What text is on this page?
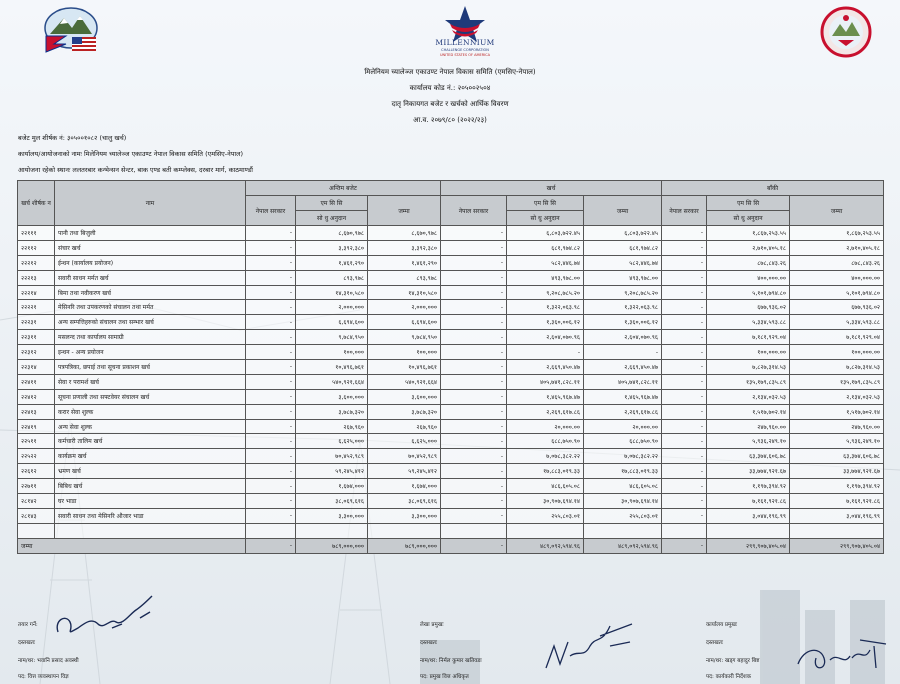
MILLENNIUM
CHALLENGE CORPORATION
UNITED STATES OF AMERICA
मिलेनियम च्यालेञ्ज एकाउण्ट नेपाल विकास समिति (एमसिए-नेपाल)
कार्यालय कोड नं.: २०५००२५०४
दातृ निकायगत बजेट र खर्चको आर्थिक विवरण
आ.व. २०७९/८० (२०२२/२३)
बजेट मुल शीर्षक नं: ३०५००१०८२ (चालु खर्च)
कार्यालय/आयोजनाको नामः मिलेनियम च्यालेञ्ज एकाउण्ट नेपाल विकास समिति (एमसिए-नेपाल)
आयोजना रहेको स्थानः ललतरबार कन्भेन्सन सेन्टर, बाक एण्ड बती कम्प्लेक्स, दरबार मार्ग, काठमाण्डौं
खर्च शीर्षक न	नाम	अन्तिम बजेट			खर्च			बाँकी		
		नेपाल सरकार	एम सि सि	जम्मा	नेपाल सरकार	एम सि सि	जम्मा	नेपाल सरकार	एम सि सि	जम्मा
			सो धु अनुदान			सो धु अनुदान			सो धु अनुदान	
२२१११	पानी तथा बिजुली	-	८,६७०,९७८	८,६७०,९७८	-	६,८०३,७२२.४५	६,८०३,७२२.४५	-	१,८६७,२५३.५५	१,८६७,२५३.५५
२२११२	संचार खर्च	-	३,३९२,३८०	३,३९२,३८०	-	६८१,९७४.८२	६८१,९७४.८२	-	२,७१०,४०५.१८	२,७१०,४०५.१८
२२२१२	ईन्धन (कार्यालय प्रयोजन)	-	१,४६१,२९०	१,४६१,२९०	-	५८२,४४६.७४	५८२,४४६.७४	-	८७८,८४३.२६	८७८,८४३.२६
२२२१३	सवारी साधन मर्मत खर्च	-	८९३,९७८	८९३,९७८	-	४९३,९७८.००	४९३,९७८.००	-	४००,०००.००	४००,०००.००
२२२१४	बिमा तथा नवीकरण खर्च	-	१४,३१०,५८०	१४,३१०,५८०	-	९,२०८,७८५.२०	९,२०८,७८५.२०	-	५,१०१,७९४.८०	५,१०१,७९४.८०
२२२२१	मेसिनरि तथा उपकरणको संचालन तथा मर्मत	-	२,०००,०००	२,०००,०००	-	१,३२२,०६३.९८	१,३२२,०६३.९८	-	६७७,९३६.०२	६७७,९३६.०२
२२२३१	अन्य सम्पत्तिहरुको संचालन तथा सम्भार खर्च	-	६,६९४,६००	६,६९४,६००	-	१,३६०,००६.१२	१,३६०,००६.१२	-	५,३३४,५९३.८८	५,३३४,५९३.८८
२२३११	मसलन्द तथा कार्यालय सामाग्री	-	९,७८४,९५०	९,७८४,९५०	-	२,६०४,०७०.९६	२,६०४,०७०.९६	-	७,१८१,९२९.०४	७,१८१,९२९.०४
२२३१२	इन्धन - अन्य प्रयोजन	-	१००,०००	१००,०००	-	-	-	-	१००,०००.००	१००,०००.००
२२३१४	पत्रपत्रिका, छपाई तथा सूचना प्रकाशन खर्च	-	१०,४९६,७६१	१०,४९६,७६१	-	२,६६९,४५०.४७	२,६६९,४५०.४७	-	७,८२७,३१४.५३	७,८२७,३१४.५३
२२४११	सेवा र परामर्श खर्च	-	५४०,९२१,६६४	५४०,९२१,६६४	-	४०५,७४१,८२८.११	४०५,७४१,८२८.११	-	१३५,१७९,८३५.८९	१३५,१७९,८३५.८९
२२४१२	सूचना प्रणाली तथा सफ्टवेयर संचालन खर्च	-	३,६००,०००	३,६००,०००	-	१,४६५,९६७.४७	१,४६५,९६७.४७	-	२,१३४,०३२.५३	२,१३४,०३२.५३
२२४१३	करार सेवा शुल्क	-	३,७८७,३२०	३,७८७,३२०	-	२,२६९,६१७.८६	२,२६९,६१७.८६	-	१,५१७,७०२.१४	१,५१७,७०२.१४
२२४१९	अन्य सेवा शुल्क	-	२६७,९६०	२६७,९६०	-	२०,०००.००	२०,०००.००	-	२४७,९६०.००	२४७,९६०.००
२२५११	कर्मचारी तालिम खर्च	-	६,६२५,०००	६,६२५,०००	-	६८८,७५०.९०	६८८,७५०.९०	-	५,९३६,२४९.१०	५,९३६,२४९.१०
२२५२२	कार्यक्रम खर्च	-	७०,४५२,९८९	७०,४५२,९८९	-	७,०७८,३८२.२२	७,०७८,३८२.२२	-	६३,३७४,६०६.७८	६३,३७४,६०६.७८
२२६१२	भ्रमण खर्च	-	५९,२४५,४१२	५९,२४५,४१२	-	१७,८८३,०१९.३३	१७,८८३,०१९.३३	-	३३,७७४,९२१.६७	३३,७७४,९२१.६७
२२७११	बिबिध खर्च	-	१,६७४,०००	१,६७४,०००	-	४८६,६०५.०८	४८६,६०५.०८	-	१,१९७,३९४.९२	१,१९७,३९४.९२
२८१४२	घर भाडा	-	३८,०६९,६१६	३८,०६९,६१६	-	३०,९०७,६९४.१४	३०,९०७,६९४.१४	-	७,१६१,९२१.८६	७,१६१,९२१.८६
२८१४३	सवारी साधन तथा मेसिनरि औजार भाडा	-	३,३००,०००	३,३००,०००	-	२५५,८०३.०१	२५५,८०३.०१	-	३,०४४,१९६.९९	३,०४४,१९६.९९

जम्मा		-	७८९,०००,०००	७८९,०००,०००	-	४८९,०९२,५९४.९६	४८९,०९२,५९४.९६	-	२९९,९०७,४०५.०४	२९९,९०७,४०५.०४
तयार गर्ने:
दस्तखतः
नाम/थर: भवानि प्रसाद अवस्थी
पद: वित्त व्यवस्थापन विज्ञ
लेखा प्रमुखः
दस्तखतः
नाम/थर: निर्मल कुमार खतिवडा
पद: प्रमुख वित्त अधिकृत
कार्यालय प्रमुखः
दस्तखतः
नाम/थर: खड्ग बहादुर बिष्ट
पद: कार्यकारी निर्देशक
